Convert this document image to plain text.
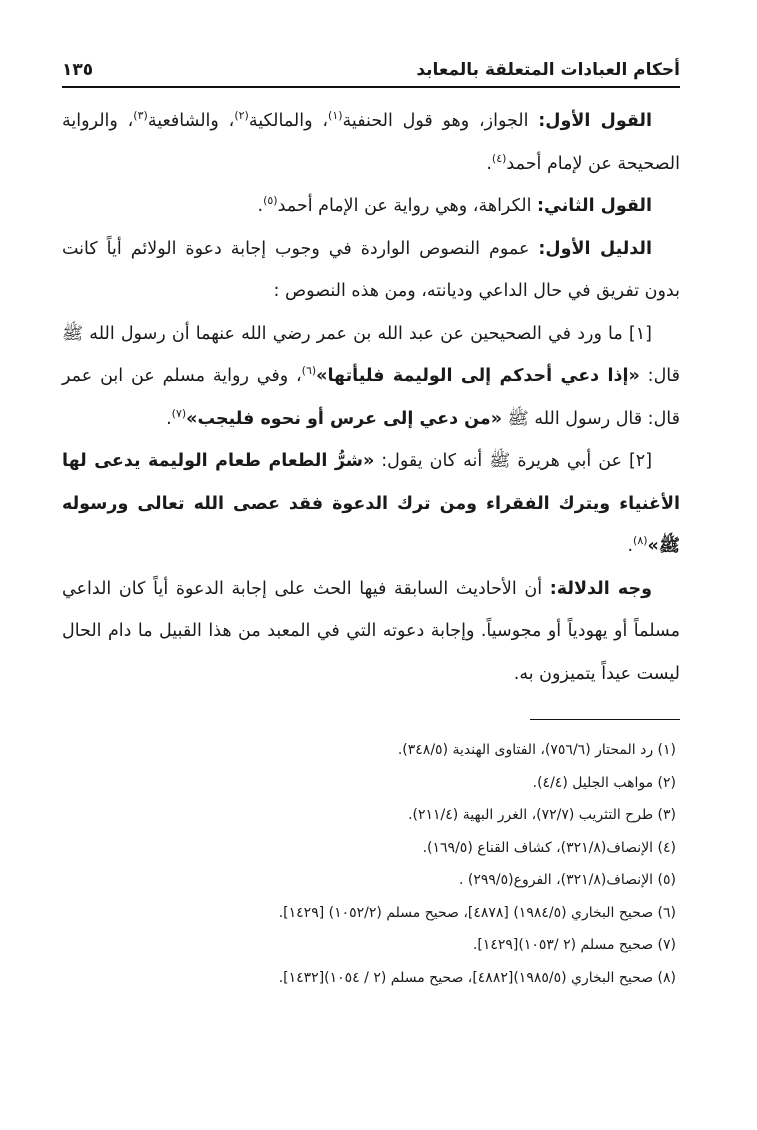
أحكام العبادات المتعلقة بالمعابد
١٣٥

القول الأول: الجواز، وهو قول الحنفية$^{(١)}$، والمالكية$^{(٢)}$، والشافعية$^{(٣)}$، والرواية الصحيحة عن لإمام أحمد$^{(٤)}$.

القول الثاني: الكراهة، وهي رواية عن الإمام أحمد$^{(٥)}$.

الدليل الأول: عموم النصوص الواردة في وجوب إجابة دعوة الولائم أياً كانت بدون تفريق في حال الداعي وديانته، ومن هذه النصوص :

[١] ما ورد في الصحيحين عن عبد الله بن عمر رضي الله عنهما أن رسول الله ﷺ قال: «إذا دعي أحدكم إلى الوليمة فليأتها»$^{(٦)}$، وفي رواية مسلم عن ابن عمر قال: قال رسول الله ﷺ «من دعي إلى عرس أو نحوه فليجب»$^{(٧)}$.

[٢] عن أبي هريرة ﷺ أنه كان يقول: «شرُّ الطعام طعام الوليمة يدعى لها الأغنياء ويترك الفقراء ومن ترك الدعوة فقد عصى الله تعالى ورسوله ﷺ»$^{(٨)}$.

وجه الدلالة: أن الأحاديث السابقة فيها الحث على إجابة الدعوة أياً كان الداعي مسلماً أو يهودياً أو مجوسياً. وإجابة دعوته التي في المعبد من هذا القبيل ما دام الحال ليست عيداً يتميزون به.

(١) رد المحتار (٧٥٦/٦)، الفتاوى الهندية (٣٤٨/٥).

(٢) مواهب الجليل (٤/٤).

(٣) طرح التثريب (٧٢/٧)، الغرر البهية (٢١١/٤).

(٤) الإنصاف(٣٢١/٨)، كشاف القناع (١٦٩/٥).

(٥) الإنصاف(٣٢١/٨)، الفروع(٢٩٩/٥) .

(٦) صحيح البخاري (١٩٨٤/٥) [٤٨٧٨]، صحيح مسلم (١٠٥٢/٢) [١٤٢٩].

(٧) صحيح مسلم (٢ /١٠٥٣)[١٤٢٩].

(٨) صحيح البخاري (١٩٨٥/٥)[٤٨٨٢]، صحيح مسلم (٢ / ١٠٥٤)[١٤٣٢].
